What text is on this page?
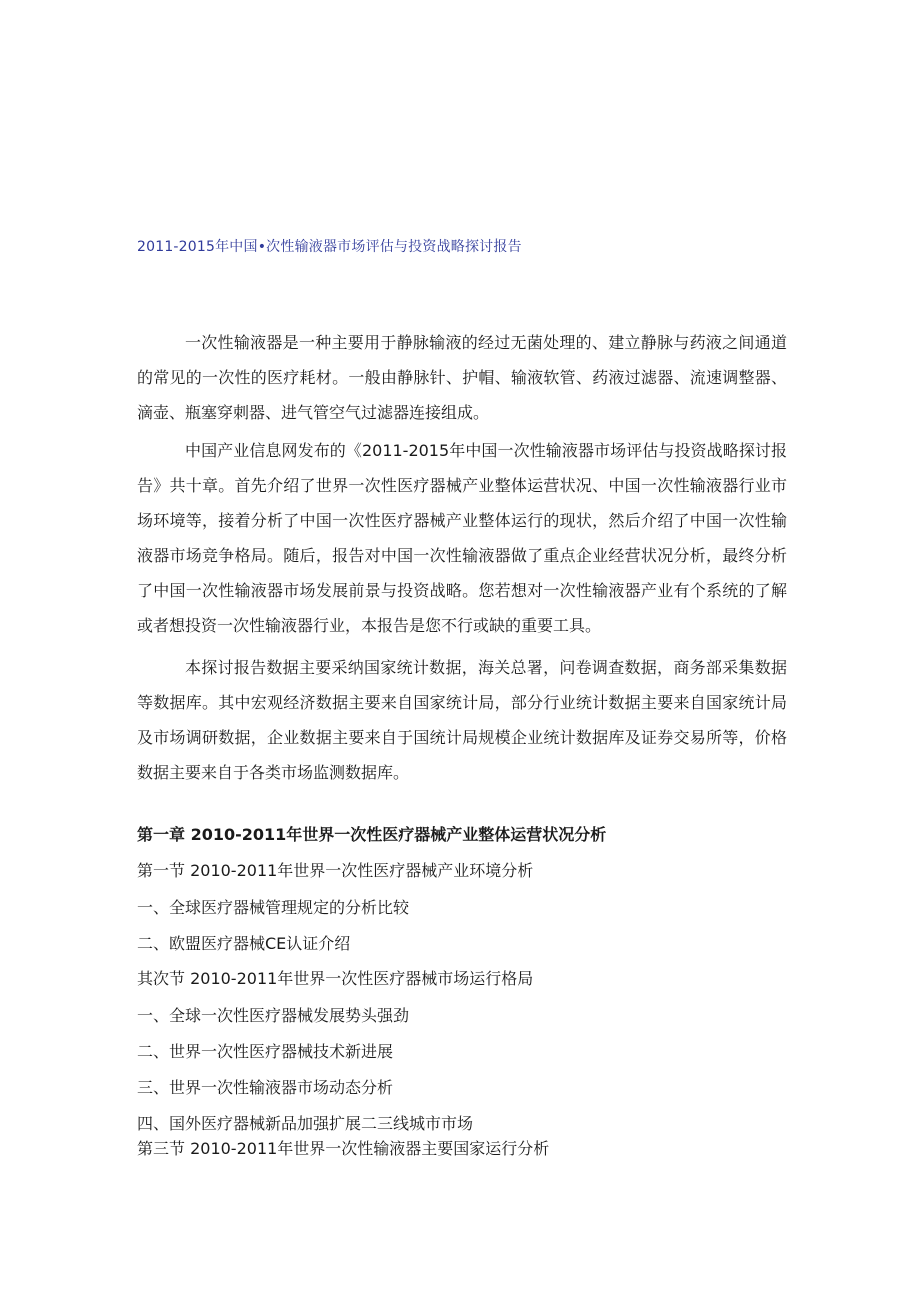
2011-2015年中国•次性输液器市场评估与投资战略探讨报告

一次性输液器是一种主要用于静脉输液的经过无菌处理的、建立静脉与药液之间通道的常见的一次性的医疗耗材。一般由静脉针、护帽、输液软管、药液过滤器、流速调整器、滴壶、瓶塞穿刺器、进气管空气过滤器连接组成。

中国产业信息网发布的《2011-2015年中国一次性输液器市场评估与投资战略探讨报告》共十章。首先介绍了世界一次性医疗器械产业整体运营状况、中国一次性输液器行业市场环境等，接着分析了中国一次性医疗器械产业整体运行的现状，然后介绍了中国一次性输液器市场竞争格局。随后，报告对中国一次性输液器做了重点企业经营状况分析，最终分析了中国一次性输液器市场发展前景与投资战略。您若想对一次性输液器产业有个系统的了解或者想投资一次性输液器行业，本报告是您不行或缺的重要工具。

本探讨报告数据主要采纳国家统计数据，海关总署，问卷调查数据，商务部采集数据等数据库。其中宏观经济数据主要来自国家统计局，部分行业统计数据主要来自国家统计局及市场调研数据，企业数据主要来自于国统计局规模企业统计数据库及证券交易所等，价格数据主要来自于各类市场监测数据库。

第一章 2010-2011年世界一次性医疗器械产业整体运营状况分析

第一节 2010-2011年世界一次性医疗器械产业环境分析

一、全球医疗器械管理规定的分析比较

二、欧盟医疗器械CE认证介绍

其次节 2010-2011年世界一次性医疗器械市场运行格局

一、全球一次性医疗器械发展势头强劲

二、世界一次性医疗器械技术新进展

三、世界一次性输液器市场动态分析

四、国外医疗器械新品加强扩展二三线城市市场

第三节 2010-2011年世界一次性输液器主要国家运行分析
